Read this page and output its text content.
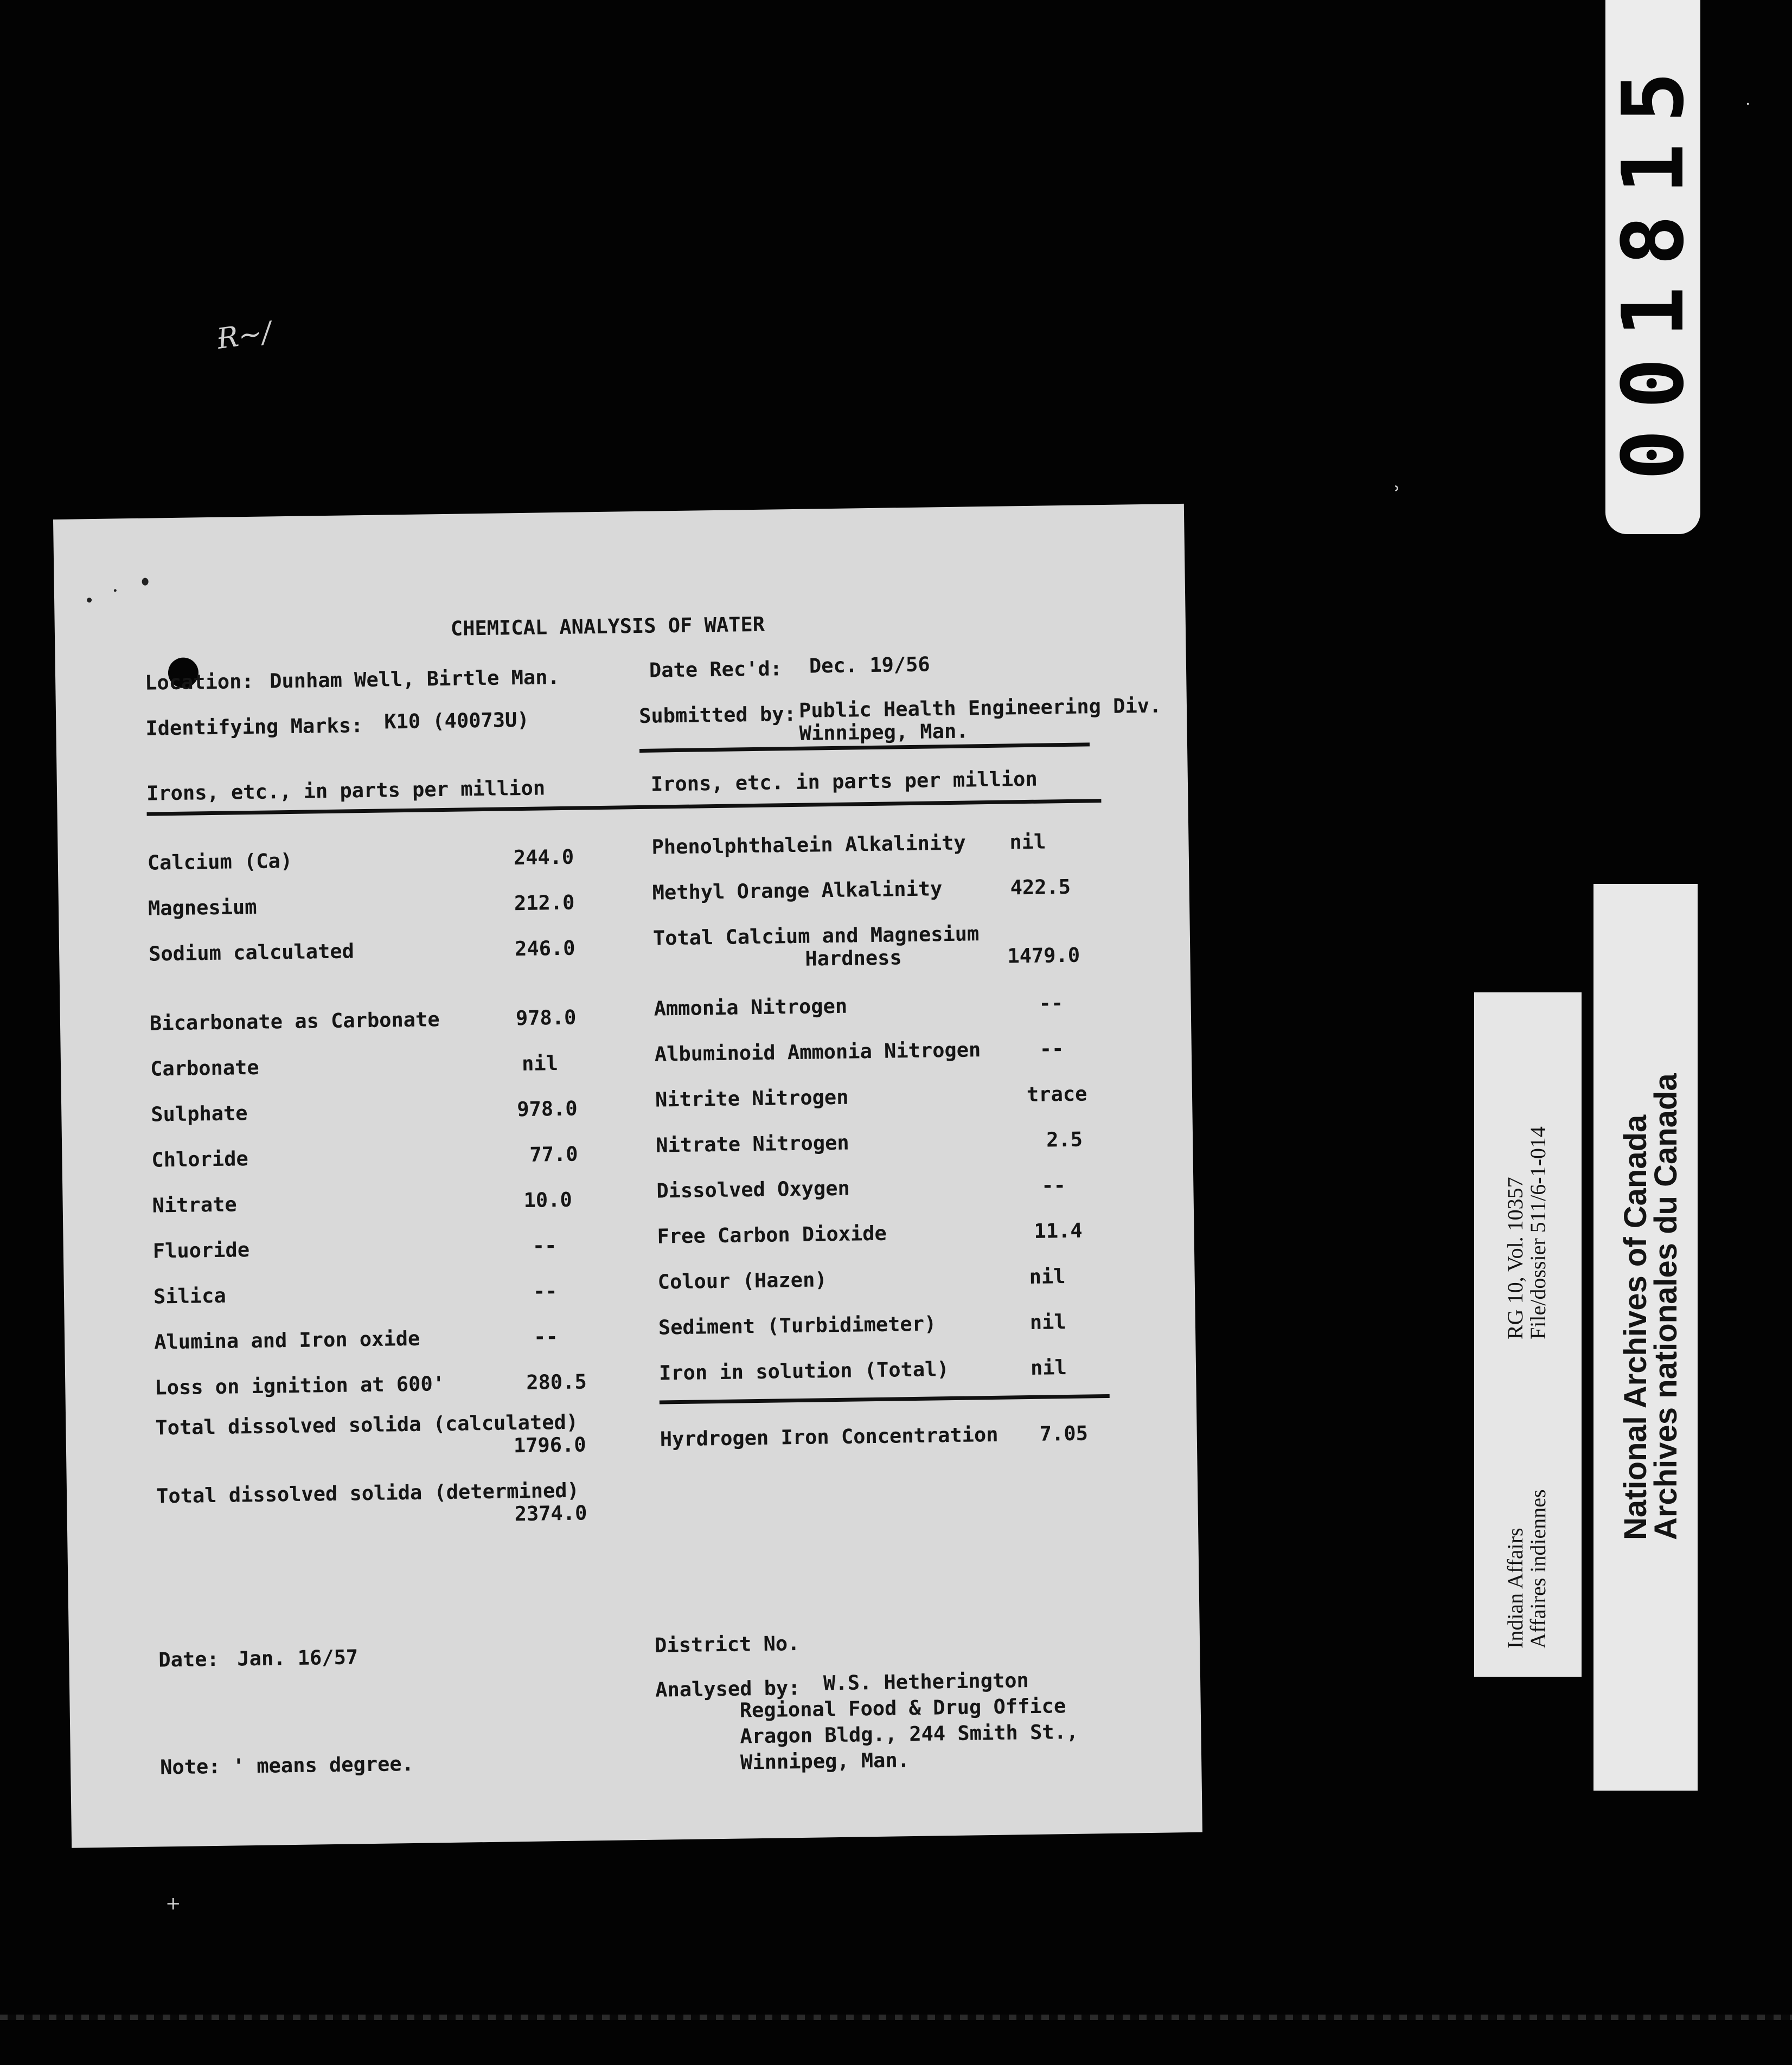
Ɍ~/
·
˒
+
001815
CHEMICAL ANALYSIS OF WATER
Location: Dunham Well, Birtle Man.	Date Rec'd: Dec. 19/56
Identifying Marks: K10 (40073U)	Submitted by: Public Health Engineering Div.
Winnipeg, Man.
Irons, etc., in parts per million	Irons, etc. in parts per million
Calcium (Ca)	244.0
Magnesium	212.0
Sodium calculated	246.0
Bicarbonate as Carbonate	978.0
Carbonate	nil
Sulphate	978.0
Chloride	77.0
Nitrate	10.0
Fluoride	--
Silica	--
Alumina and Iron oxide	--
Loss on ignition at 600'	280.5
Total dissolved solida (calculated)
1796.0
Total dissolved solida (determined)
2374.0
Phenolphthalein Alkalinity nil
Methyl Orange Alkalinity	422.5
Total Calcium and Magnesium
Hardness	1479.0
Ammonia Nitrogen	--
Albuminoid Ammonia Nitrogen	--
Nitrite Nitrogen	trace
Nitrate Nitrogen	2.5
Dissolved Oxygen	--
Free Carbon Dioxide	11.4
Colour (Hazen)	nil
Sediment (Turbidimeter)	nil
Iron in solution (Total)	nil
Hyrdrogen Iron Concentration 7.05
Date: Jan. 16/57
District No.
Analysed by: W.S. Hetherington
Regional Food & Drug Office
Aragon Bldg., 244 Smith St.,
Winnipeg, Man.
Note: ' means degree.
Indian Affairs
Affaires indiennes
RG 10, Vol. 10357
File/dossier 511/6-1-014 National Archives of Canada
Archives nationales du Canada
